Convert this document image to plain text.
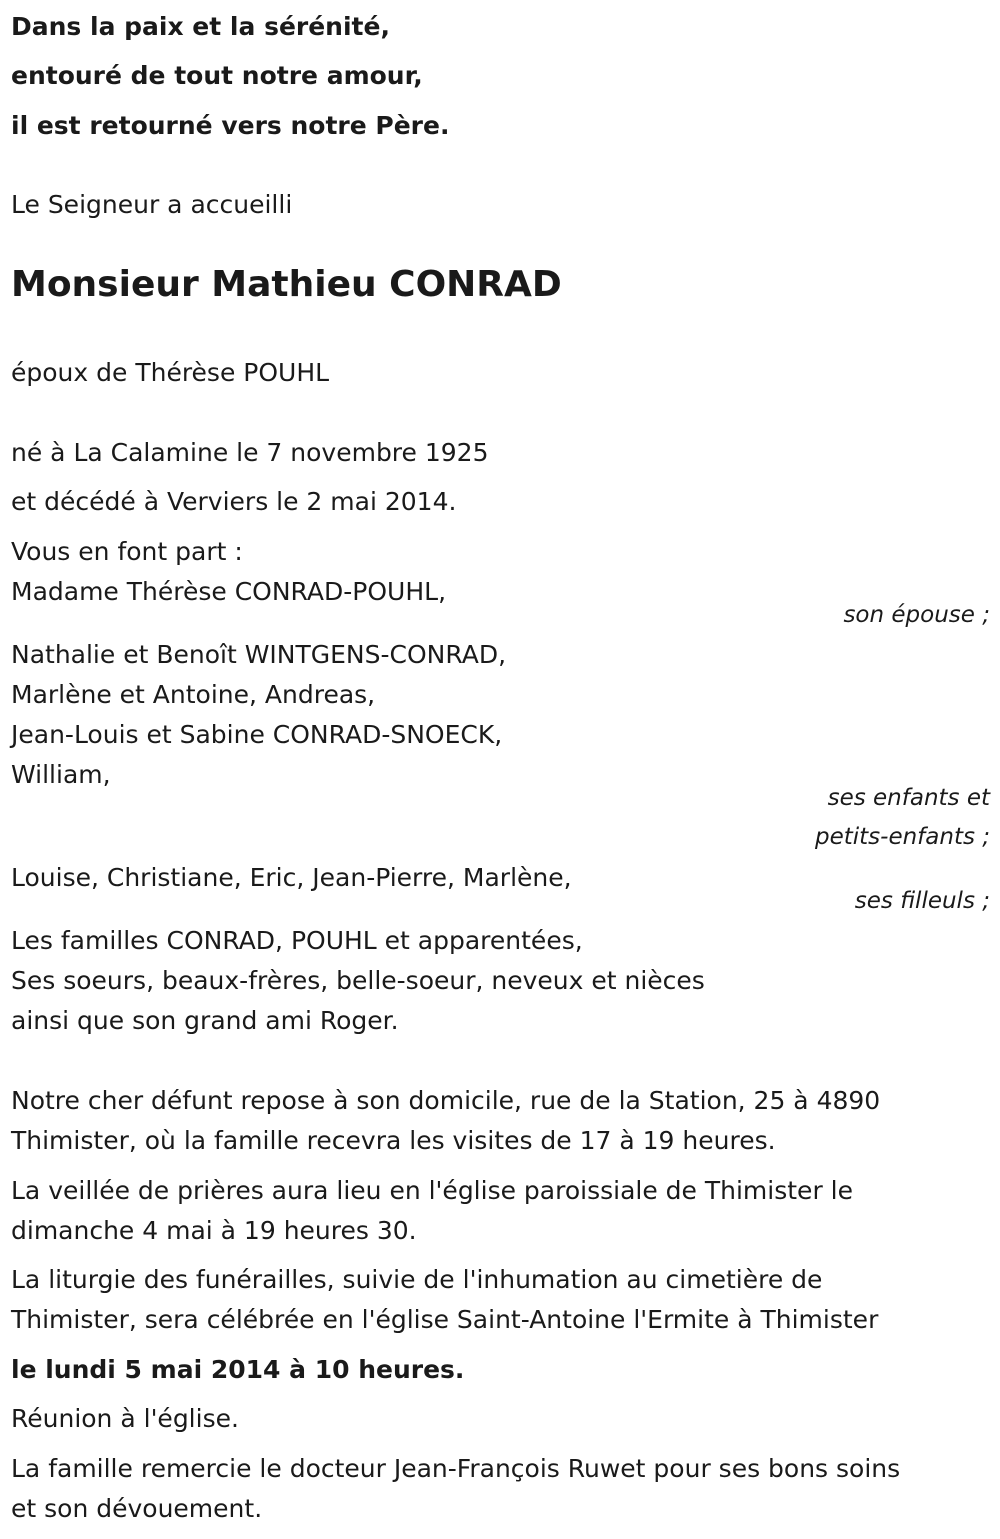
Dans la paix et la sérénité,
entouré de tout notre amour,
il est retourné vers notre Père.
Le Seigneur a accueilli
Monsieur Mathieu CONRAD
époux de Thérèse POUHL
né à La Calamine le 7 novembre 1925
et décédé à Verviers le 2 mai 2014.
Vous en font part :
Madame Thérèse CONRAD-POUHL,
son épouse ;
Nathalie et Benoît WINTGENS-CONRAD,
Marlène et Antoine, Andreas,
Jean-Louis et Sabine CONRAD-SNOECK,
William,
ses enfants et
petits-enfants ;
Louise, Christiane, Eric, Jean-Pierre, Marlène,
ses filleuls ;
Les familles CONRAD, POUHL et apparentées,
Ses soeurs, beaux-frères, belle-soeur, neveux et nièces
ainsi que son grand ami Roger.
Notre cher défunt repose à son domicile, rue de la Station, 25 à 4890
Thimister, où la famille recevra les visites de 17 à 19 heures.
La veillée de prières aura lieu en l'église paroissiale de Thimister le
dimanche 4 mai à 19 heures 30.
La liturgie des funérailles, suivie de l'inhumation au cimetière de
Thimister, sera célébrée en l'église Saint-Antoine l'Ermite à Thimister
le lundi 5 mai 2014 à 10 heures.
Réunion à l'église.
La famille remercie le docteur Jean-François Ruwet pour ses bons soins
et son dévouement.
